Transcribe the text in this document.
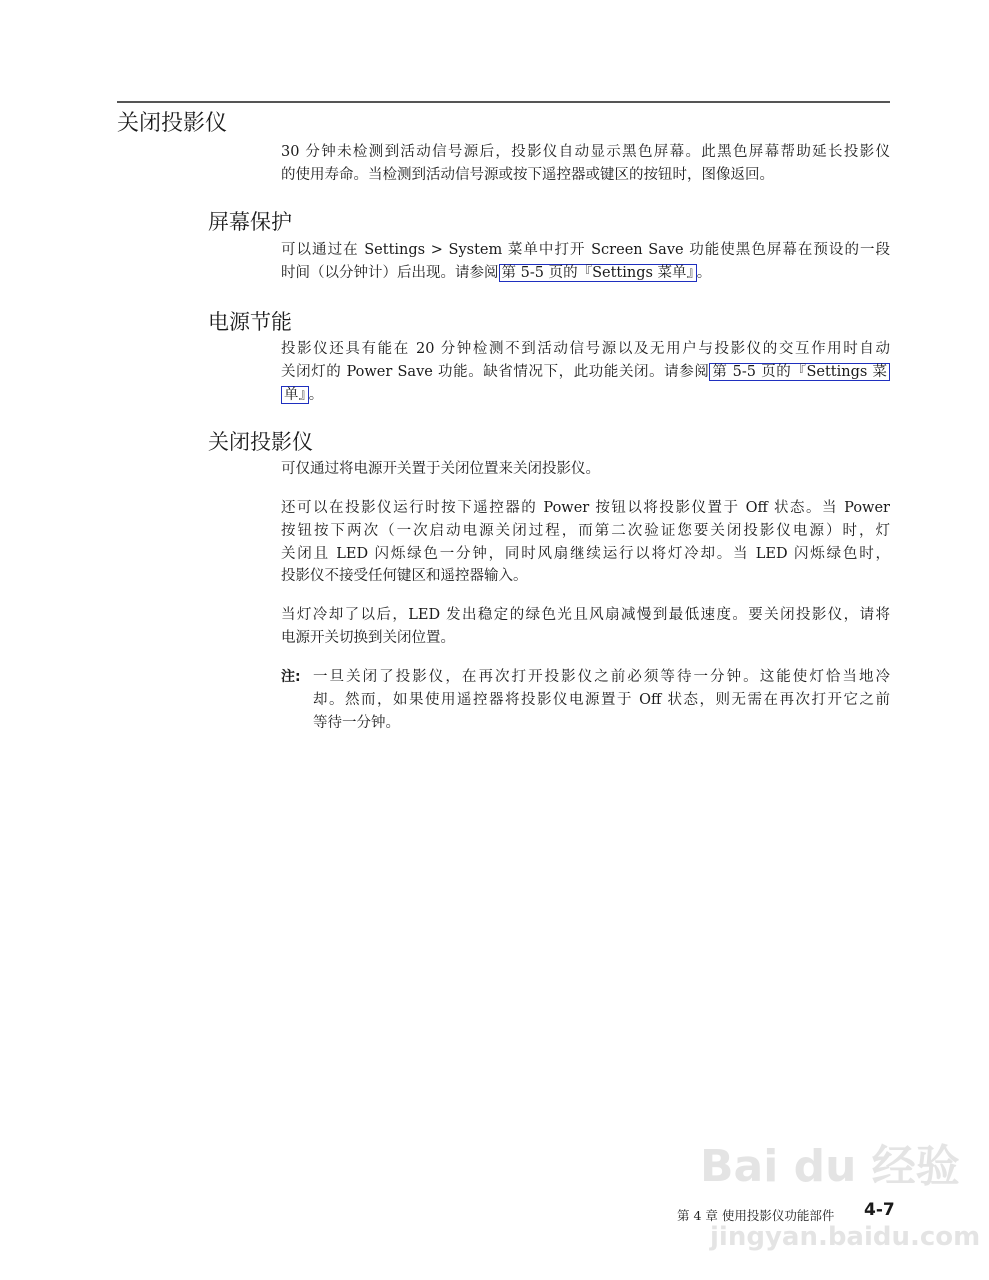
Bai du 经验
jingyan.baidu.com
关闭投影仪
30 分钟未检测到活动信号源后，投影仪自动显示黑色屏幕。此黑色屏幕帮助延长投影仪
的使用寿命。当检测到活动信号源或按下遥控器或键区的按钮时，图像返回。
屏幕保护
可以通过在 Settings > System 菜单中打开 Screen Save 功能使黑色屏幕在预设的一段
时间（以分钟计）后出现。请参阅 第 5-5 页的『Settings 菜单』 。
电源节能
投影仪还具有能在 20 分钟检测不到活动信号源以及无用户与投影仪的交互作用时自动
关闭灯的 Power Save 功能。缺省情况下，此功能关闭。请参阅 第 5-5 页的『Settings 菜
单』 。
关闭投影仪
可仅通过将电源开关置于关闭位置来关闭投影仪。
还可以在投影仪运行时按下遥控器的 Power 按钮以将投影仪置于 Off 状态。当 Power
按钮按下两次（一次启动电源关闭过程，而第二次验证您要关闭投影仪电源）时，灯
关闭且 LED 闪烁绿色一分钟，同时风扇继续运行以将灯冷却。当 LED 闪烁绿色时，
投影仪不接受任何键区和遥控器输入。
当灯冷却了以后，LED 发出稳定的绿色光且风扇减慢到最低速度。要关闭投影仪，请将
电源开关切换到关闭位置。
注: 一旦关闭了投影仪，在再次打开投影仪之前必须等待一分钟。这能使灯恰当地冷
却。然而，如果使用遥控器将投影仪电源置于 Off 状态，则无需在再次打开它之前
等待一分钟。
第 4 章 使用投影仪功能部件 4-7
